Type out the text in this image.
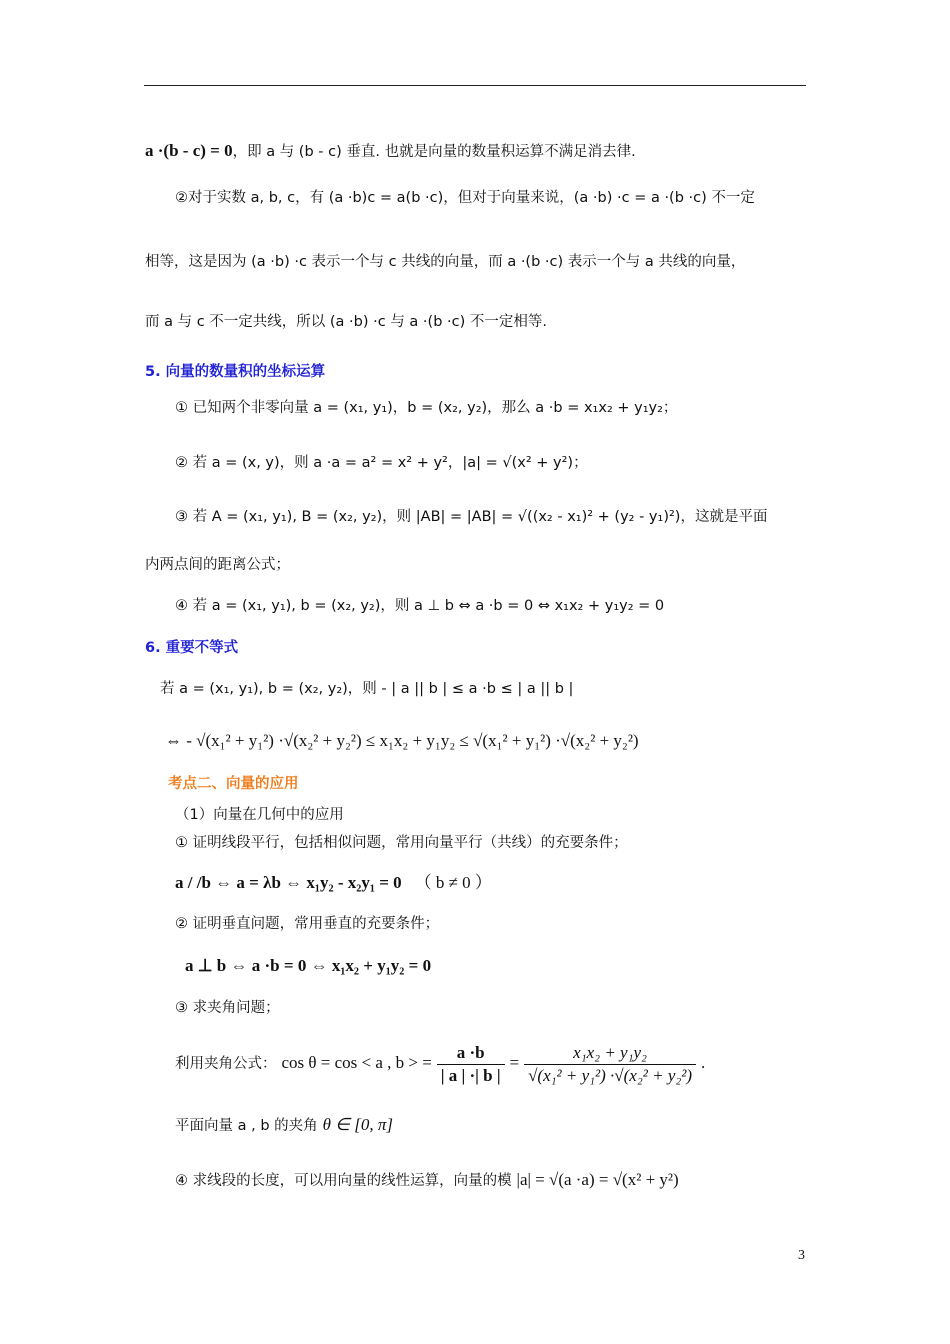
a ·(b - c) = 0，即 a 与 (b - c) 垂直. 也就是向量的数量积运算不满足消去律.
②对于实数 a, b, c，有 (a ·b)c = a(b ·c)，但对于向量来说，(a ·b) ·c = a ·(b ·c) 不一定
相等，这是因为 (a ·b) ·c 表示一个与 c 共线的向量，而 a ·(b ·c) 表示一个与 a 共线的向量，
而 a 与 c 不一定共线，所以 (a ·b) ·c 与 a ·(b ·c) 不一定相等.
5. 向量的数量积的坐标运算
① 已知两个非零向量 a = (x₁, y₁)，b = (x₂, y₂)，那么 a ·b = x₁x₂ + y₁y₂；
② 若 a = (x, y)，则 a ·a = a² = x² + y²，|a| = √(x² + y²)；
③ 若 A = (x₁, y₁), B = (x₂, y₂)，则 |AB| = |AB| = √((x₂ - x₁)² + (y₂ - y₁)²)，这就是平面
内两点间的距离公式；
④ 若 a = (x₁, y₁), b = (x₂, y₂)，则 a ⊥ b ⇔ a ·b = 0 ⇔ x₁x₂ + y₁y₂ = 0
6. 重要不等式
若 a = (x₁, y₁), b = (x₂, y₂)，则 - | a || b | ≤ a ·b ≤ | a || b |
⇔ - √(x₁² + y₁²) ·√(x₂² + y₂²) ≤ x₁x₂ + y₁y₂ ≤ √(x₁² + y₁²) ·√(x₂² + y₂²)
考点二、向量的应用
（1）向量在几何中的应用
① 证明线段平行，包括相似问题，常用向量平行（共线）的充要条件；
a / /b ⇔ a = λb ⇔ x₁y₂ - x₂y₁ = 0 （ b ≠ 0 ）
② 证明垂直问题，常用垂直的充要条件；
a ⊥ b ⇔ a ·b = 0 ⇔ x₁x₂ + y₁y₂ = 0
③ 求夹角问题；
利用夹角公式： cos θ = cos < a , b > = $\frac{a \cdot b}{| a | \cdot| b |} = \frac{\text{x₁x₂ + y₁y₂}}{\text{√(x₁² + y₁²) ·√(x₂² + y₂²)}}$ .
平面向量 a , b 的夹角 θ ∈ [0, π]
④ 求线段的长度，可以用向量的线性运算，向量的模 |a| = √(a ·a) = √(x² + y²)
3
